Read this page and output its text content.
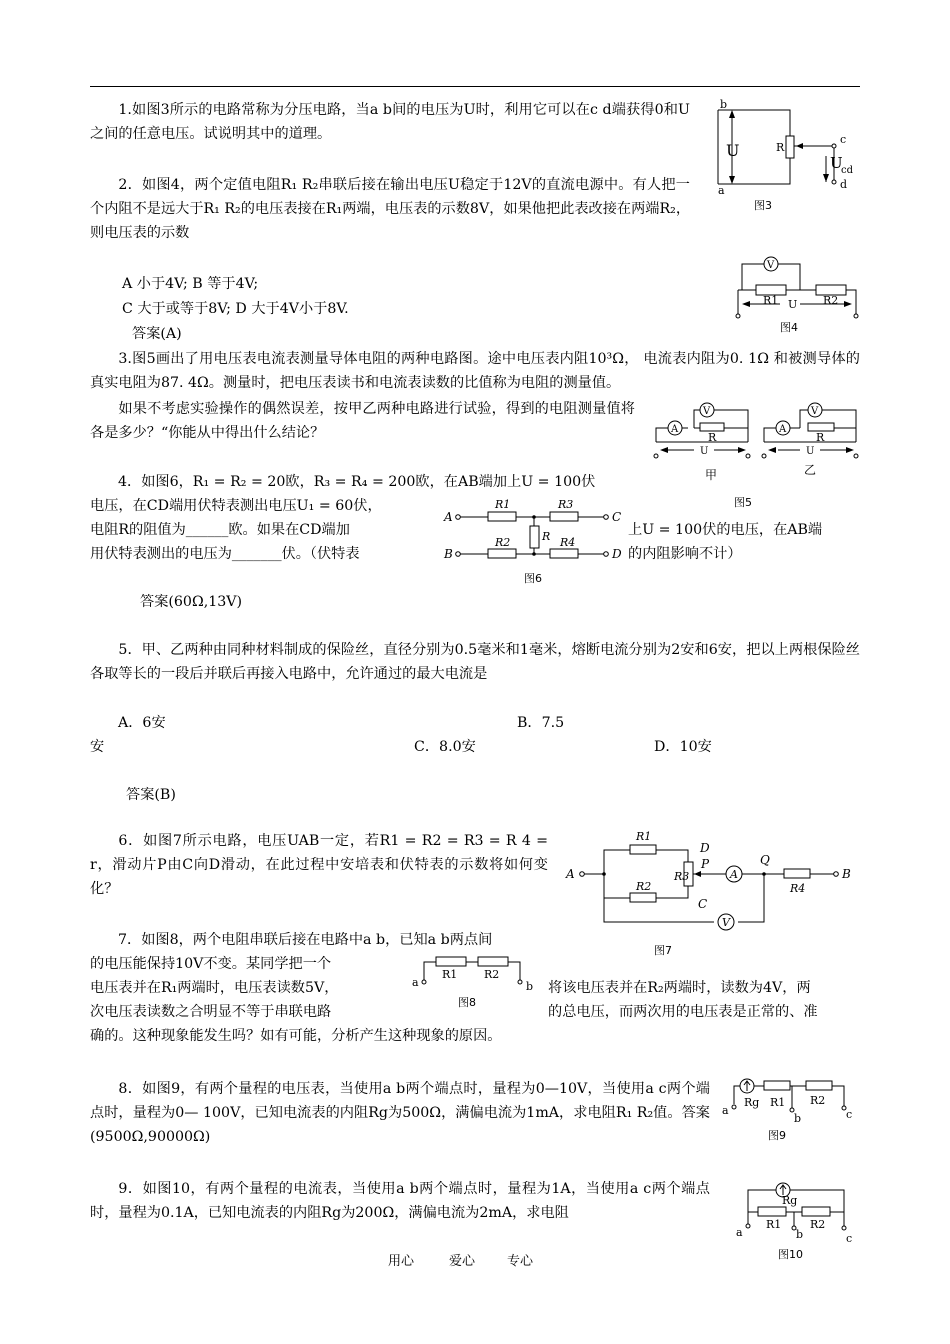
1.如图3所示的电路常称为分压电路，当a b间的电压为U时，利用它可以在c d端获得0和U之间的任意电压。试说明其中的道理。

b
a
c
d
U	R
U
cd
图3

2．如图4，两个定值电阻R₁ R₂串联后接在输出电压U稳定于12V的直流电源中。有人把一个内阻不是远大于R₁ R₂的电压表接在R₁两端，电压表的示数8V，如果他把此表改接在两端R₂，则电压表的示数

A 小于4V; B 等于4V;

C 大于或等于8V; D 大于4V小于8V.

答案(A)

V
R1	R2
U
图4

3.图5画出了用电压表电流表测量导体电阻的两种电路图。途中电压表内阻10³Ω， 电流表内阻为0. 1Ω 和被测导体的真实电阻为87. 4Ω。测量时，把电压表读书和电流表读数的比值称为电阻的测量值。

如果不考虑实验操作的偶然误差，按甲乙两种电路进行试验，得到的电阻测量值将各是多少？“你能从中得出什么结论？	A
V
A
V
R	R
U	U
甲	乙
图5

4．如图6，R₁ = R₂ = 20欧，R₃ = R₄ = 200欧，在AB端加上U = 100伏

电压，在CD端用伏特表测出电压U₁ = 60伏，

电阻R的阻值为______欧。如果在CD端加	上U = 100伏的电压，在AB端

用伏特表测出的电压为_______伏。（伏特表	的内阻影响不计）

答案(60Ω,13V)

A
B
C
D
R1	R3
R2	R4
R
图6

5．甲、乙两种由同种材料制成的保险丝，直径分别为0.5毫米和1毫米，熔断电流分别为2安和6安，把以上两根保险丝各取等长的一段后并联后再接入电路中，允许通过的最大电流是

A．6安	B．7.5

安	C．8.0安	D．10安

答案(B)

6．如图7所示电路，电压UAB一定，若R1 = R2 = R3 = R 4 = r，滑动片P由C向D滑动，在此过程中安培表和伏特表的示数将如何变化？

A
V
A	B
R1
R2
R3
R4
D
C
P	Q
图7

7．如图8，两个电阻串联后接在电路中a b，已知a b两点间

的电压能保持10V不变。某同学把一个

电压表并在R₁两端时，电压表读数5V，	将该电压表并在R₂两端时，读数为4V，两

次电压表读数之合明显不等于串联电路	的总电压，而两次用的电压表是正常的、准

确的。这种现象能发生吗？如有可能，分析产生这种现象的原因。

a	b
R1 R2
图8

8．如图9，有两个量程的电压表，当使用a b两个端点时，量程为0—10V，当使用a c两个端点时，量程为0— 100V，已知电流表的内阻Rg为500Ω，满偏电流为1mA，求电阻R₁ R₂值。答案(9500Ω,90000Ω)

a
b	c
Rg R1 R2
图9

9．如图10，有两个量程的电流表，当使用a b两个端点时，量程为1A，当使用a c两个端点时，量程为0.1A，已知电流表的内阻Rg为200Ω，满偏电流为2mA，求电阻

a	b	c
Rg
R1	R2
图10
用心	爱心 专心
